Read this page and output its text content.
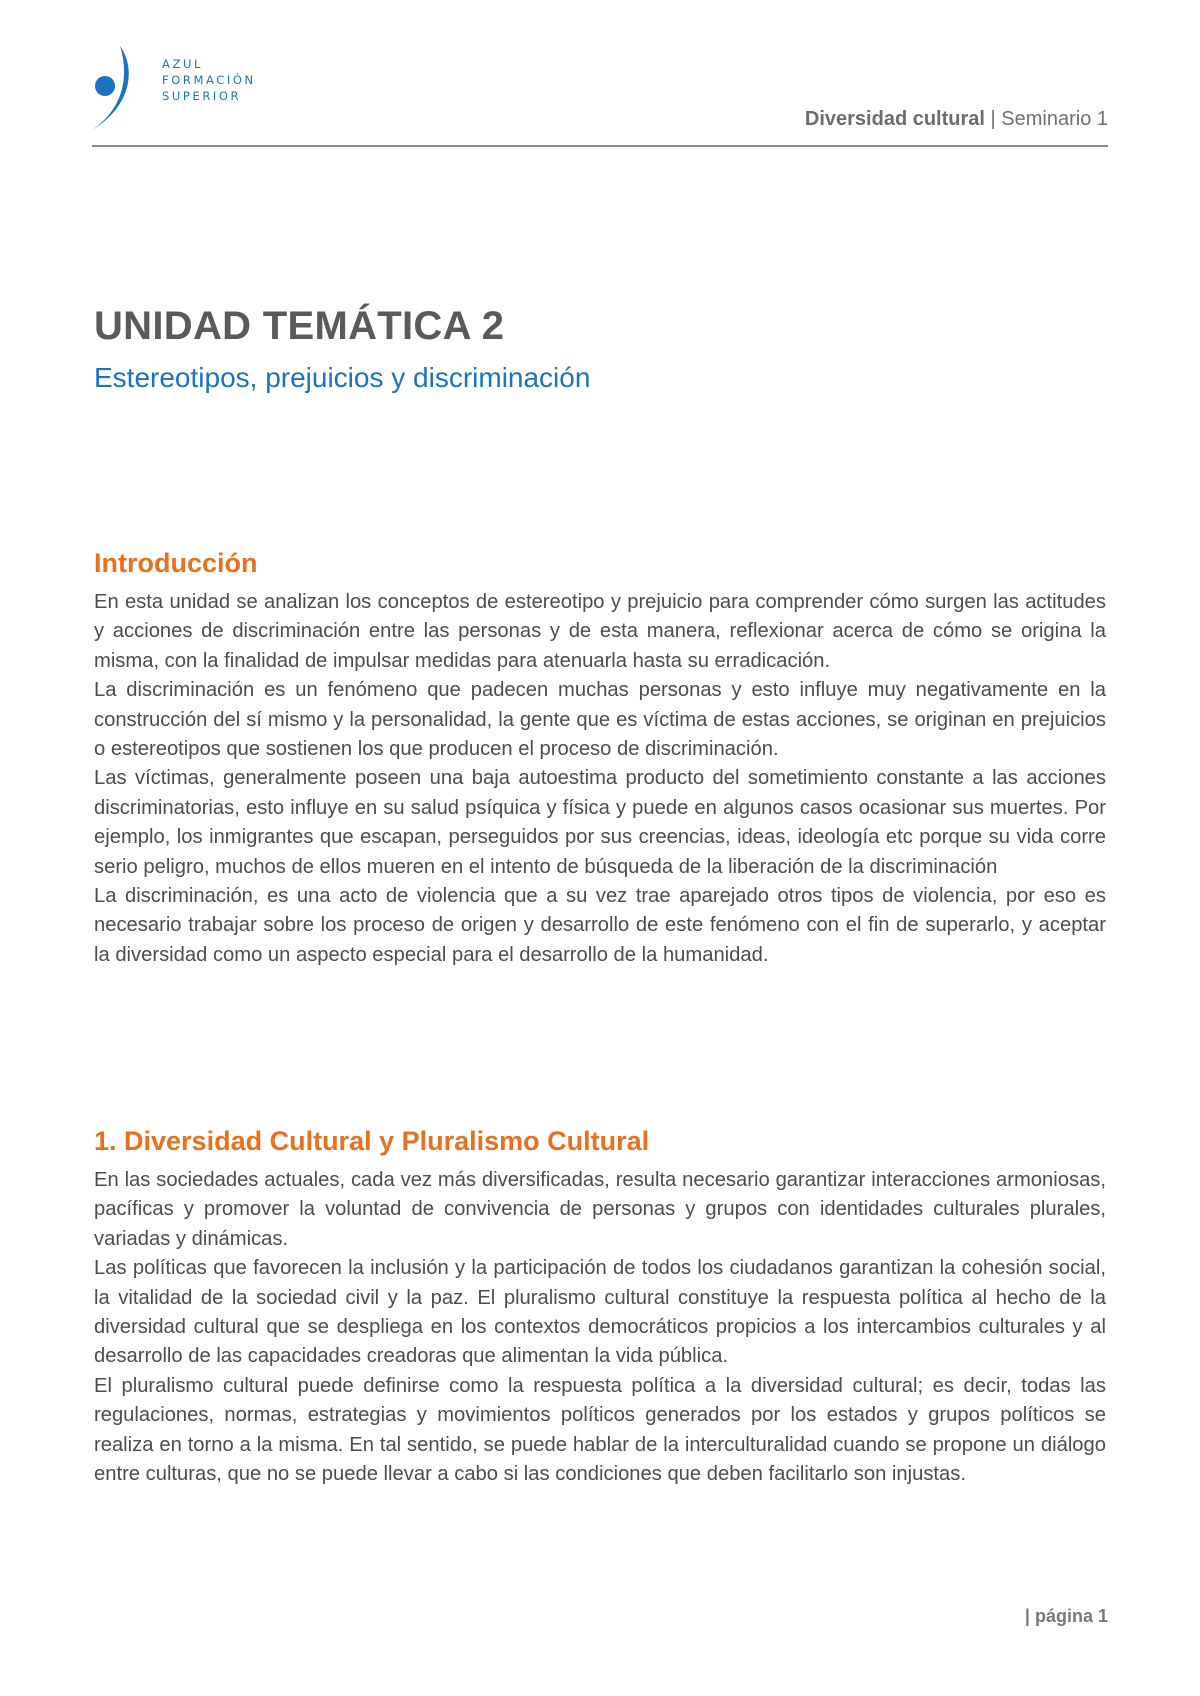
AZUL
FORMACIÓN
SUPERIOR
Diversidad cultural | Seminario 1
UNIDAD TEMÁTICA 2
Estereotipos, prejuicios y discriminación
Introducción

En esta unidad se analizan los conceptos de estereotipo y prejuicio para comprender cómo surgen las actitudes y acciones de discriminación entre las personas y de esta manera, reflexionar acerca de cómo se origina la misma, con la finalidad de impulsar medidas para atenuarla hasta su erradicación.

La discriminación es un fenómeno que padecen muchas personas y esto influye muy negativamente en la construcción del sí mismo y la personalidad, la gente que es víctima de estas acciones, se originan en prejuicios o estereotipos que sostienen los que producen el proceso de discriminación.

Las víctimas, generalmente poseen una baja autoestima producto del sometimiento constante a las acciones discriminatorias, esto influye en su salud psíquica y física y puede en algunos casos ocasionar sus muertes. Por ejemplo, los inmigrantes que escapan, perseguidos por sus creencias, ideas, ideología etc porque su vida corre serio peligro, muchos de ellos mueren en el intento de búsqueda de la liberación de la discriminación

La discriminación, es una acto de violencia que a su vez trae aparejado otros tipos de violencia, por eso es necesario trabajar sobre los proceso de origen y desarrollo de este fenómeno con el fin de superarlo, y aceptar la diversidad como un aspecto especial para el desarrollo de la humanidad.

1. Diversidad Cultural y Pluralismo Cultural

En las sociedades actuales, cada vez más diversificadas, resulta necesario garantizar interacciones armoniosas, pacíficas y promover la voluntad de convivencia de personas y grupos con identidades culturales plurales, variadas y dinámicas.

Las políticas que favorecen la inclusión y la participación de todos los ciudadanos garantizan la cohesión social, la vitalidad de la sociedad civil y la paz. El pluralismo cultural constituye la respuesta política al hecho de la diversidad cultural que se despliega en los contextos democráticos propicios a los intercambios culturales y al desarrollo de las capacidades creadoras que alimentan la vida pública.

El pluralismo cultural puede definirse como la respuesta política a la diversidad cultural; es decir, todas las regulaciones, normas, estrategias y movimientos políticos generados por los estados y grupos políticos se realiza en torno a la misma. En tal sentido, se puede hablar de la interculturalidad cuando se propone un diálogo entre culturas, que no se puede llevar a cabo si las condiciones que deben facilitarlo son injustas.

| página 1
